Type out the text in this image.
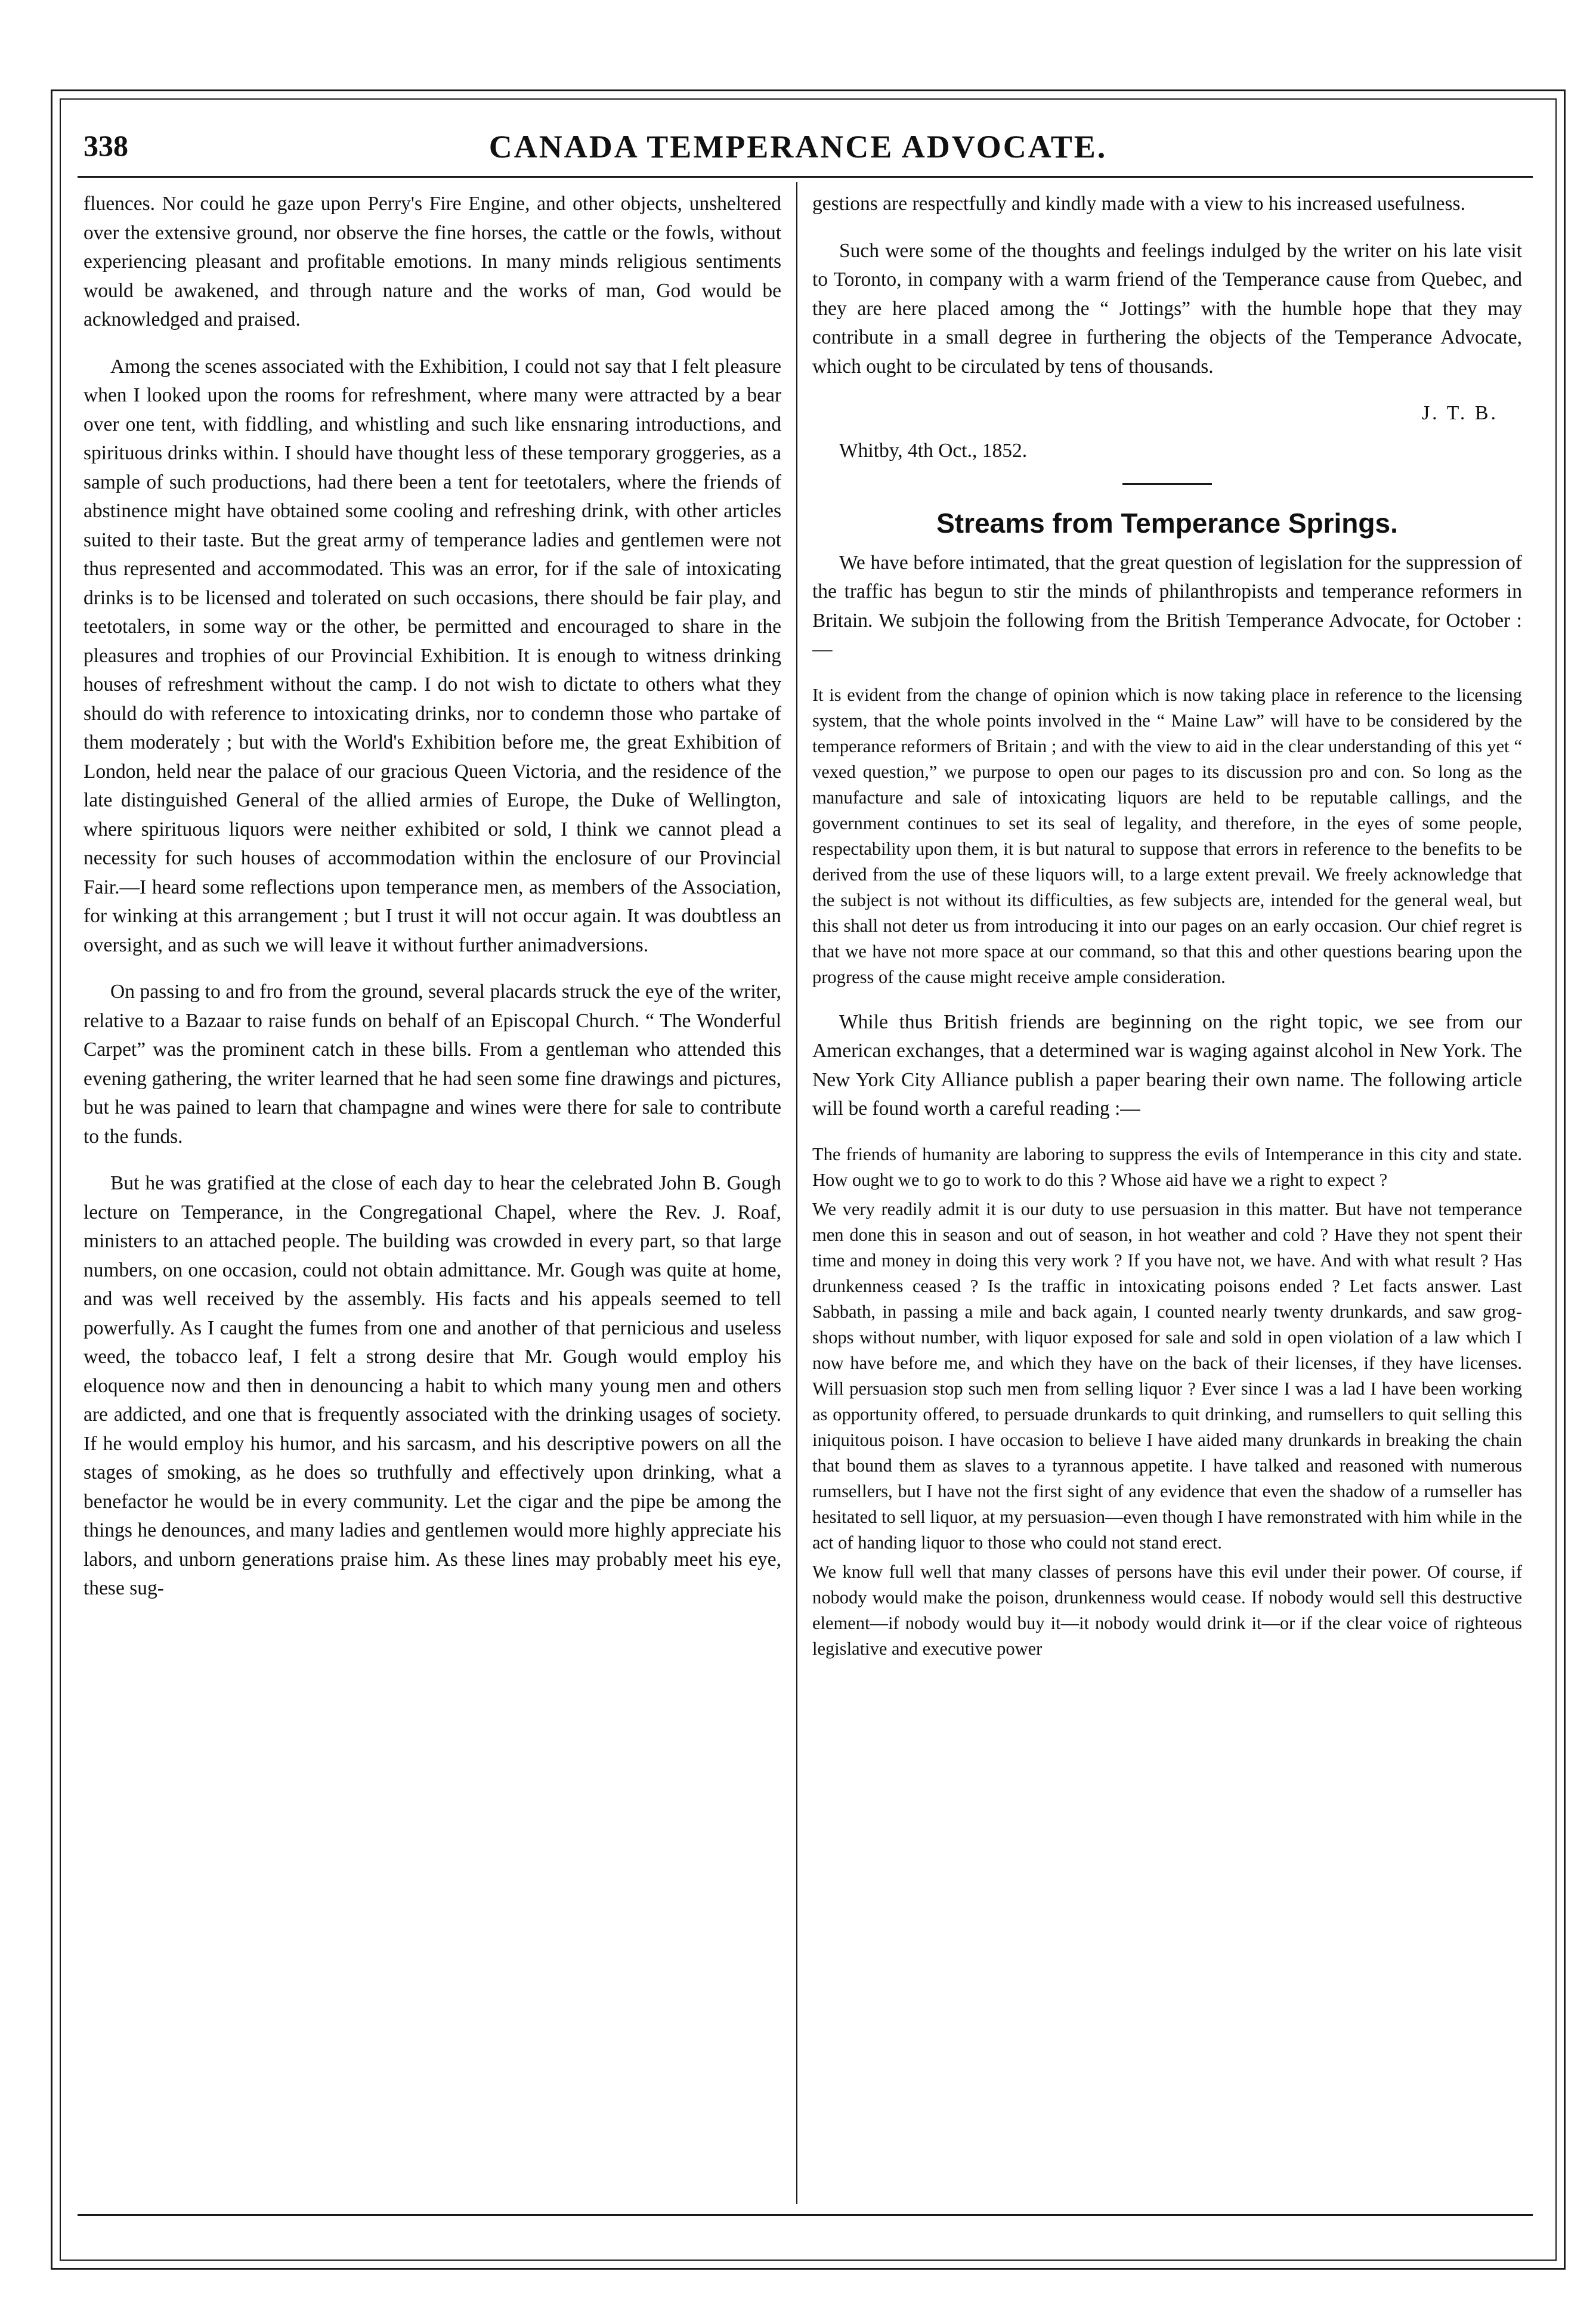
338	CANADA TEMPERANCE ADVOCATE.

fluences. Nor could he gaze upon Perry's Fire Engine, and other objects, unsheltered over the extensive ground, nor observe the fine horses, the cattle or the fowls, without experiencing pleasant and profitable emotions. In many minds religious sentiments would be awakened, and through nature and the works of man, God would be acknowledged and praised.

Among the scenes associated with the Exhibition, I could not say that I felt pleasure when I looked upon the rooms for refreshment, where many were attracted by a bear over one tent, with fiddling, and whistling and such like ensnaring introductions, and spirituous drinks within. I should have thought less of these temporary groggeries, as a sample of such productions, had there been a tent for teetotalers, where the friends of abstinence might have obtained some cooling and refreshing drink, with other articles suited to their taste. But the great army of temperance ladies and gentlemen were not thus represented and accommodated. This was an error, for if the sale of intoxicating drinks is to be licensed and tolerated on such occasions, there should be fair play, and teetotalers, in some way or the other, be permitted and encouraged to share in the pleasures and trophies of our Provincial Exhibition. It is enough to witness drinking houses of refreshment without the camp. I do not wish to dictate to others what they should do with reference to intoxicating drinks, nor to condemn those who partake of them moderately ; but with the World's Exhibition before me, the great Exhibition of London, held near the palace of our gracious Queen Victoria, and the residence of the late distinguished General of the allied armies of Europe, the Duke of Wellington, where spirituous liquors were neither exhibited or sold, I think we cannot plead a necessity for such houses of accommodation within the enclosure of our Provincial Fair.—I heard some reflections upon temperance men, as members of the Association, for winking at this arrangement ; but I trust it will not occur again. It was doubtless an oversight, and as such we will leave it without further animadversions.

On passing to and fro from the ground, several placards struck the eye of the writer, relative to a Bazaar to raise funds on behalf of an Episcopal Church. “ The Wonderful Carpet” was the prominent catch in these bills. From a gentleman who attended this evening gathering, the writer learned that he had seen some fine drawings and pictures, but he was pained to learn that champagne and wines were there for sale to contribute to the funds.

But he was gratified at the close of each day to hear the celebrated John B. Gough lecture on Temperance, in the Congregational Chapel, where the Rev. J. Roaf, ministers to an attached people. The building was crowded in every part, so that large numbers, on one occasion, could not obtain admittance. Mr. Gough was quite at home, and was well received by the assembly. His facts and his appeals seemed to tell powerfully. As I caught the fumes from one and another of that pernicious and useless weed, the tobacco leaf, I felt a strong desire that Mr. Gough would employ his eloquence now and then in denouncing a habit to which many young men and others are addicted, and one that is frequently associated with the drinking usages of society. If he would employ his humor, and his sarcasm, and his descriptive powers on all the stages of smoking, as he does so truthfully and effectively upon drinking, what a benefactor he would be in every community. Let the cigar and the pipe be among the things he denounces, and many ladies and gentlemen would more highly appreciate his labors, and unborn generations praise him. As these lines may probably meet his eye, these sug-

gestions are respectfully and kindly made with a view to his increased usefulness.

Such were some of the thoughts and feelings indulged by the writer on his late visit to Toronto, in company with a warm friend of the Temperance cause from Quebec, and they are here placed among the “ Jottings” with the humble hope that they may contribute in a small degree in furthering the objects of the Temperance Advocate, which ought to be circulated by tens of thousands.

J. T. B.
Whitby, 4th Oct., 1852.
Streams from Temperance Springs.

We have before intimated, that the great question of legislation for the suppression of the traffic has begun to stir the minds of philanthropists and temperance reformers in Britain. We subjoin the following from the British Temperance Advocate, for October :—

It is evident from the change of opinion which is now taking place in reference to the licensing system, that the whole points involved in the “ Maine Law” will have to be considered by the temperance reformers of Britain ; and with the view to aid in the clear understanding of this yet “ vexed question,” we purpose to open our pages to its discussion pro and con. So long as the manufacture and sale of intoxicating liquors are held to be reputable callings, and the government continues to set its seal of legality, and therefore, in the eyes of some people, respectability upon them, it is but natural to suppose that errors in reference to the benefits to be derived from the use of these liquors will, to a large extent prevail. We freely acknowledge that the subject is not without its difficulties, as few subjects are, intended for the general weal, but this shall not deter us from introducing it into our pages on an early occasion. Our chief regret is that we have not more space at our command, so that this and other questions bearing upon the progress of the cause might receive ample consideration.

While thus British friends are beginning on the right topic, we see from our American exchanges, that a determined war is waging against alcohol in New York. The New York City Alliance publish a paper bearing their own name. The following article will be found worth a careful reading :—

The friends of humanity are laboring to suppress the evils of Intemperance in this city and state. How ought we to go to work to do this ? Whose aid have we a right to expect ?

We very readily admit it is our duty to use persuasion in this matter. But have not temperance men done this in season and out of season, in hot weather and cold ? Have they not spent their time and money in doing this very work ? If you have not, we have. And with what result ? Has drunkenness ceased ? Is the traffic in intoxicating poisons ended ? Let facts answer. Last Sabbath, in passing a mile and back again, I counted nearly twenty drunkards, and saw grog-shops without number, with liquor exposed for sale and sold in open violation of a law which I now have before me, and which they have on the back of their licenses, if they have licenses. Will persuasion stop such men from selling liquor ? Ever since I was a lad I have been working as opportunity offered, to persuade drunkards to quit drinking, and rumsellers to quit selling this iniquitous poison. I have occasion to believe I have aided many drunkards in breaking the chain that bound them as slaves to a tyrannous appetite. I have talked and reasoned with numerous rumsellers, but I have not the first sight of any evidence that even the shadow of a rumseller has hesitated to sell liquor, at my persuasion—even though I have remonstrated with him while in the act of handing liquor to those who could not stand erect.

We know full well that many classes of persons have this evil under their power. Of course, if nobody would make the poison, drunkenness would cease. If nobody would sell this destructive element—if nobody would buy it—it nobody would drink it—or if the clear voice of righteous legislative and executive power
